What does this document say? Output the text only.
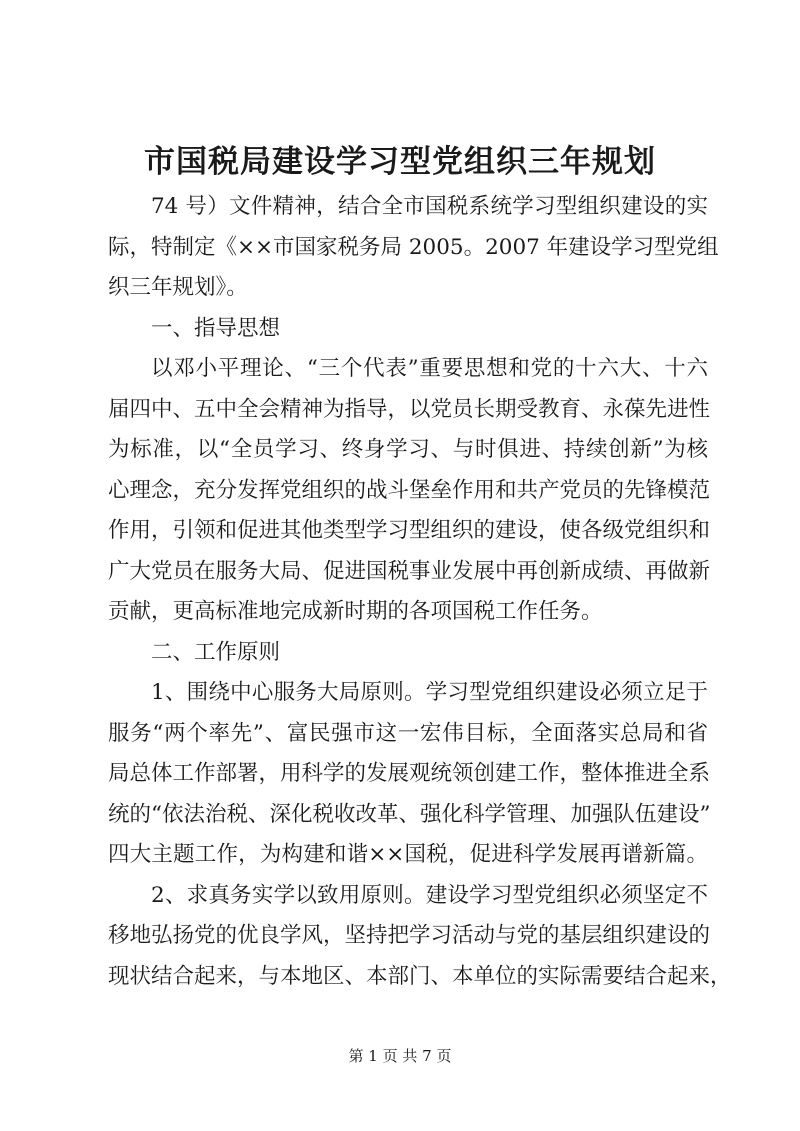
市国税局建设学习型党组织三年规划
74 号）文件精神，结合全市国税系统学习型组织建设的实
际，特制定《××市国家税务局 2005。2007 年建设学习型党组
织三年规划》。
一、指导思想
以邓小平理论、“三个代表”重要思想和党的十六大、十六
届四中、五中全会精神为指导，以党员长期受教育、永葆先进性
为标准，以“全员学习、终身学习、与时俱进、持续创新”为核
心理念，充分发挥党组织的战斗堡垒作用和共产党员的先锋模范
作用，引领和促进其他类型学习型组织的建设，使各级党组织和
广大党员在服务大局、促进国税事业发展中再创新成绩、再做新
贡献，更高标准地完成新时期的各项国税工作任务。
二、工作原则
1、围绕中心服务大局原则。学习型党组织建设必须立足于
服务“两个率先”、富民强市这一宏伟目标，全面落实总局和省
局总体工作部署，用科学的发展观统领创建工作，整体推进全系
统的“依法治税、深化税收改革、强化科学管理、加强队伍建设”
四大主题工作，为构建和谐××国税，促进科学发展再谱新篇。
2、求真务实学以致用原则。建设学习型党组织必须坚定不
移地弘扬党的优良学风，坚持把学习活动与党的基层组织建设的
现状结合起来，与本地区、本部门、本单位的实际需要结合起来，
第 1 页 共 7 页
